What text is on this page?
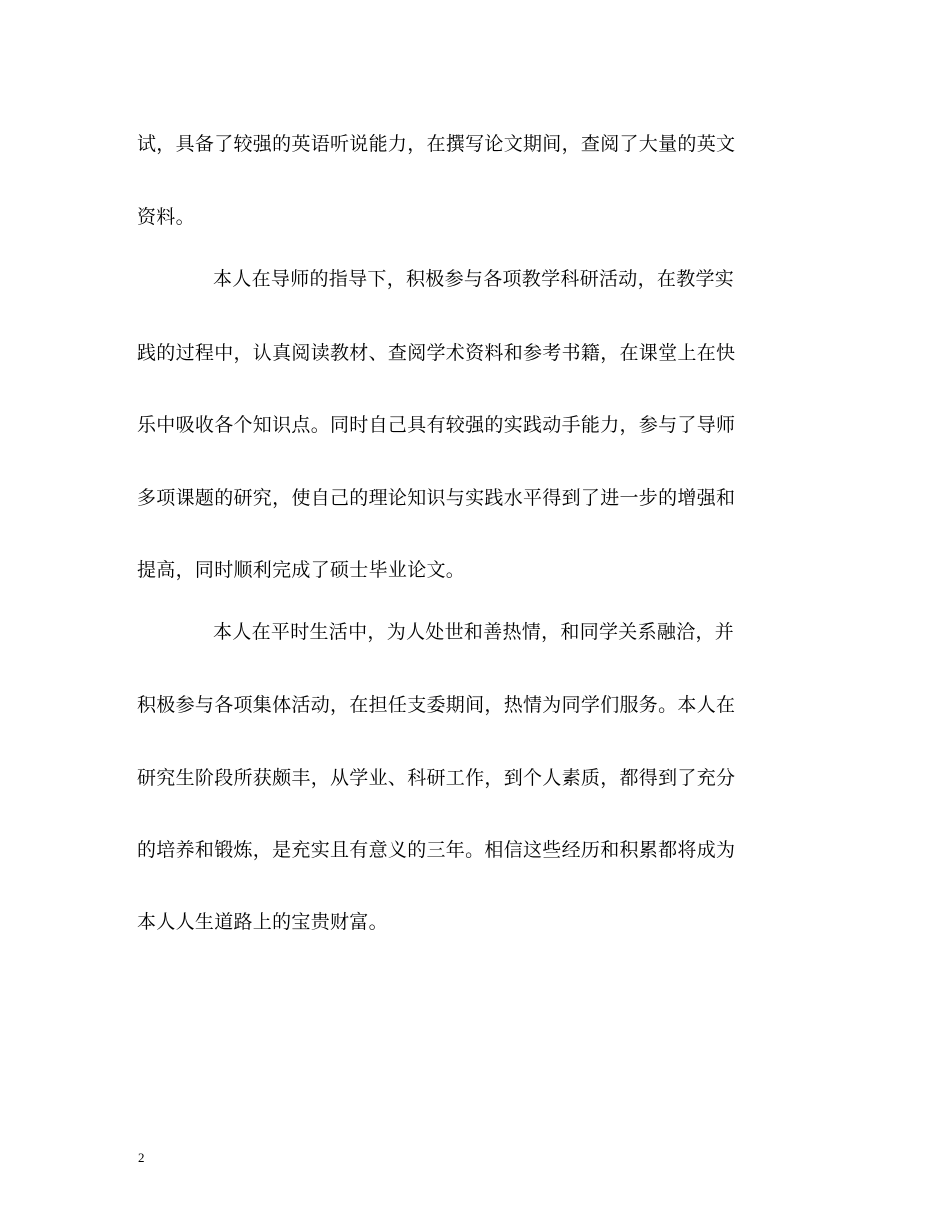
试，具备了较强的英语听说能力，在撰写论文期间，查阅了大量的英文
资料。
本人在导师的指导下，积极参与各项教学科研活动，在教学实
践的过程中，认真阅读教材、查阅学术资料和参考书籍，在课堂上在快
乐中吸收各个知识点。同时自己具有较强的实践动手能力，参与了导师
多项课题的研究，使自己的理论知识与实践水平得到了进一步的增强和
提高，同时顺利完成了硕士毕业论文。
本人在平时生活中，为人处世和善热情，和同学关系融洽，并
积极参与各项集体活动，在担任支委期间，热情为同学们服务。本人在
研究生阶段所获颇丰，从学业、科研工作，到个人素质，都得到了充分
的培养和锻炼，是充实且有意义的三年。相信这些经历和积累都将成为
本人人生道路上的宝贵财富。
2
